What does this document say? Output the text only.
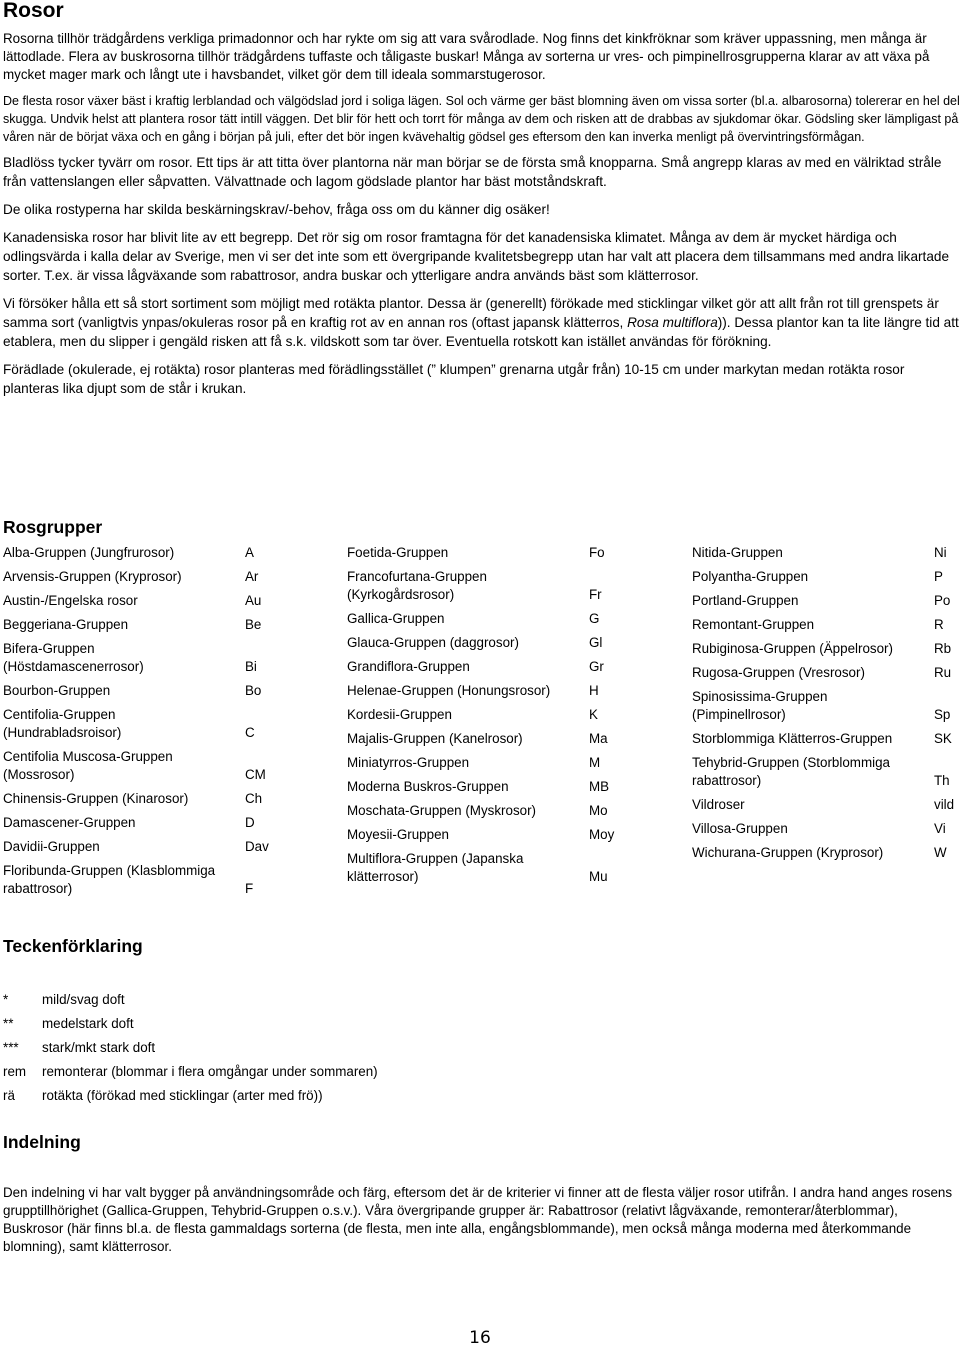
Rosor

Rosorna tillhör trädgårdens verkliga primadonnor och har rykte om sig att vara svårodlade. Nog finns det kinkfröknar som kräver uppassning, men många är lättodlade. Flera av buskrosorna tillhör trädgårdens tuffaste och tåligaste buskar! Många av sorterna ur vres- och pimpinellrosgrupperna klarar av att växa på mycket mager mark och långt ute i havsbandet, vilket gör dem till ideala sommarstugerosor.

De flesta rosor växer bäst i kraftig lerblandad och välgödslad jord i soliga lägen. Sol och värme ger bäst blomning även om vissa sorter (bl.a. albarosorna) tolererar en hel del skugga. Undvik helst att plantera rosor tätt intill väggen. Det blir för hett och torrt för många av dem och risken att de drabbas av sjukdomar ökar. Gödsling sker lämpligast på våren när de börjat växa och en gång i början på juli, efter det bör ingen kvävehaltig gödsel ges eftersom den kan inverka menligt på övervintringsförmågan.

Bladlöss tycker tyvärr om rosor. Ett tips är att titta över plantorna när man börjar se de första små knopparna. Små angrepp klaras av med en välriktad stråle från vattenslangen eller såpvatten. Välvattnade och lagom gödslade plantor har bäst motståndskraft.

De olika rostyperna har skilda beskärningskrav/-behov, fråga oss om du känner dig osäker!

Kanadensiska rosor har blivit lite av ett begrepp. Det rör sig om rosor framtagna för det kanadensiska klimatet. Många av dem är mycket härdiga och odlingsvärda i kalla delar av Sverige, men vi ser det inte som ett övergripande kvalitetsbegrepp utan har valt att placera dem tillsammans med andra likartade sorter. T.ex. är vissa lågväxande som rabattrosor, andra buskar och ytterligare andra används bäst som klätterrosor.

Vi försöker hålla ett så stort sortiment som möjligt med rotäkta plantor. Dessa är (generellt) förökade med sticklingar vilket gör att allt från rot till grenspets är samma sort (vanligtvis ynpas/okuleras rosor på en kraftig rot av en annan ros (oftast japansk klätterros, Rosa multiflora)). Dessa plantor kan ta lite längre tid att etablera, men du slipper i gengäld risken att få s.k. vildskott som tar över. Eventuella rotskott kan istället användas för förökning.

Förädlade (okulerade, ej rotäkta) rosor planteras med förädlingsstället (” klumpen” grenarna utgår från) 10-15 cm under markytan medan rotäkta rosor planteras lika djupt som de står i krukan.

Rosgrupper
Alba-Gruppen (Jungfrurosor)	A
Arvensis-Gruppen (Kryprosor)	Ar
Austin-/Engelska rosor	Au
Beggeriana-Gruppen	Be
Bifera-Gruppen (Höstdamascenerrosor)	Bi
Bourbon-Gruppen	Bo
Centifolia-Gruppen (Hundrabladsroisor)	C
Centifolia Muscosa-Gruppen (Mossrosor)	CM
Chinensis-Gruppen (Kinarosor)	Ch
Damascener-Gruppen	D
Davidii-Gruppen	Dav
Floribunda-Gruppen (Klasblommiga rabattrosor)	F
Foetida-Gruppen	Fo
Francofurtana-Gruppen (Kyrkogårdsrosor)	Fr
Gallica-Gruppen	G
Glauca-Gruppen (daggrosor)	Gl
Grandiflora-Gruppen	Gr
Helenae-Gruppen (Honungsrosor)	H
Kordesii-Gruppen	K
Majalis-Gruppen (Kanelrosor)	Ma
Miniatyrros-Gruppen	M
Moderna Buskros-Gruppen	MB
Moschata-Gruppen (Myskrosor)	Mo
Moyesii-Gruppen	Moy
Multiflora-Gruppen (Japanska klätterrosor)	Mu
Nitida-Gruppen	Ni
Polyantha-Gruppen	P
Portland-Gruppen	Po
Remontant-Gruppen	R
Rubiginosa-Gruppen (Äppelrosor)	Rb
Rugosa-Gruppen (Vresrosor)	Ru
Spinosissima-Gruppen (Pimpinellrosor)	Sp
Storblommiga Klätterros-Gruppen	SK
Tehybrid-Gruppen (Storblommiga rabattrosor)	Th
Vildroser	vild
Villosa-Gruppen	Vi
Wichurana-Gruppen (Kryprosor)	W
Teckenförklaring
*	mild/svag doft
** medelstark doft
*** stark/mkt stark doft
rem remonterar (blommar i flera omgångar under sommaren)
rä rotäkta (förökad med sticklingar (arter med frö))
Indelning

Den indelning vi har valt bygger på användningsområde och färg, eftersom det är de kriterier vi finner att de flesta väljer rosor utifrån. I andra hand anges rosens grupptillhörighet (Gallica-Gruppen, Tehybrid-Gruppen o.s.v.). Våra övergripande grupper är: Rabattrosor (relativt lågväxande, remonterar/återblommar), Buskrosor (här finns bl.a. de flesta gammaldags sorterna (de flesta, men inte alla, engångsblommande), men också många moderna med återkommande blomning), samt klätterrosor.

16
